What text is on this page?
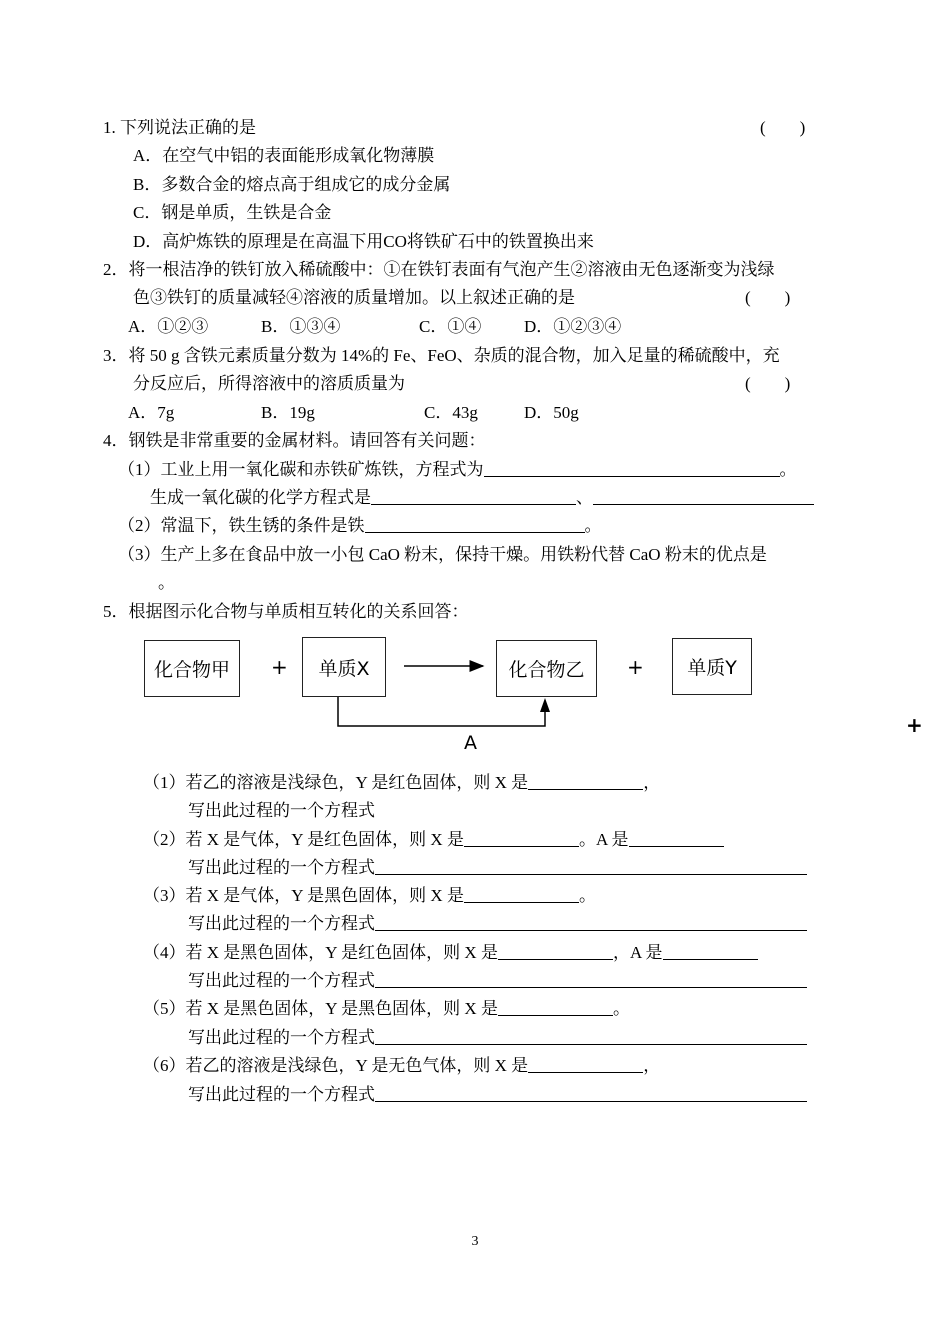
1. 下列说法正确的是	(        )
A．在空气中铝的表面能形成氧化物薄膜
B．多数合金的熔点高于组成它的成分金属
C．钢是单质，生铁是合金
D．高炉炼铁的原理是在高温下用CO将铁矿石中的铁置换出来
2．将一根洁净的铁钉放入稀硫酸中：①在铁钉表面有气泡产生②溶液由无色逐渐变为浅绿
色③铁钉的质量减轻④溶液的质量增加。以上叙述正确的是	(        )
A．①②③	B．①③④	C．①④	D．①②③④
3．将 50 g 含铁元素质量分数为 14%的 Fe、FeO、杂质的混合物，加入足量的稀硫酸中，充
分反应后，所得溶液中的溶质质量为	(        )
A．7g	B．19g	C．43g	D．50g
4．钢铁是非常重要的金属材料。请回答有关问题：
（1）工业上用一氧化碳和赤铁矿炼铁，方程式为	。
生成一氧化碳的化学方程式是	、
（2）常温下，铁生锈的条件是铁	。
（3）生产上多在食品中放一小包 CaO 粉末，保持干燥。用铁粉代替 CaO 粉末的优点是
。
5．根据图示化合物与单质相互转化的关系回答：
化合物甲	+	单质X	化合物乙	+	单质Y
A
+
（1）若乙的溶液是浅绿色，Y 是红色固体，则 X 是	，
写出此过程的一个方程式
（2）若 X 是气体，Y 是红色固体，则 X 是	。A 是
写出此过程的一个方程式
（3）若 X 是气体，Y 是黑色固体，则 X 是	。
写出此过程的一个方程式
（4）若 X 是黑色固体，Y 是红色固体，则 X 是	，A 是
写出此过程的一个方程式
（5）若 X 是黑色固体，Y 是黑色固体，则 X 是	。
写出此过程的一个方程式
（6）若乙的溶液是浅绿色，Y 是无色气体，则 X 是	，
写出此过程的一个方程式
3
